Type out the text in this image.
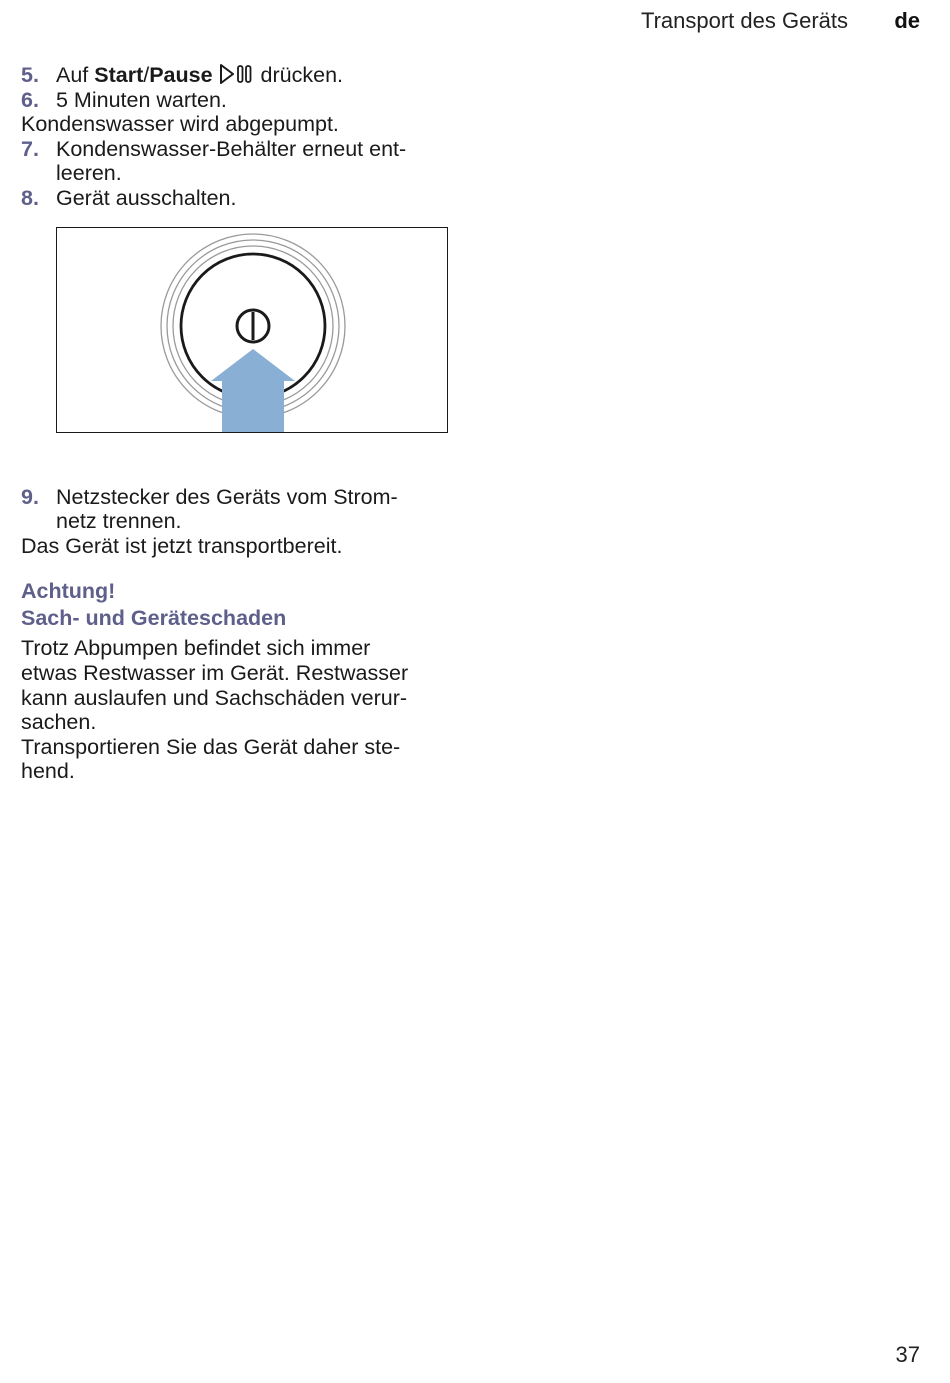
Transport des Geräts	de
5. Auf Start/Pause drücken.
6. 5 Minuten warten.
Kondenswasser wird abgepumpt.
7. Kondenswasser-Behälter erneut ent-
leeren.
8. Gerät ausschalten.
9. Netzstecker des Geräts vom Strom-
netz trennen.
Das Gerät ist jetzt transportbereit.
Achtung!
Sach- und Geräteschaden
Trotz Abpumpen befindet sich immer
etwas Restwasser im Gerät. Restwasser
kann auslaufen und Sachschäden verur-
sachen.
Transportieren Sie das Gerät daher ste-
hend.
37
